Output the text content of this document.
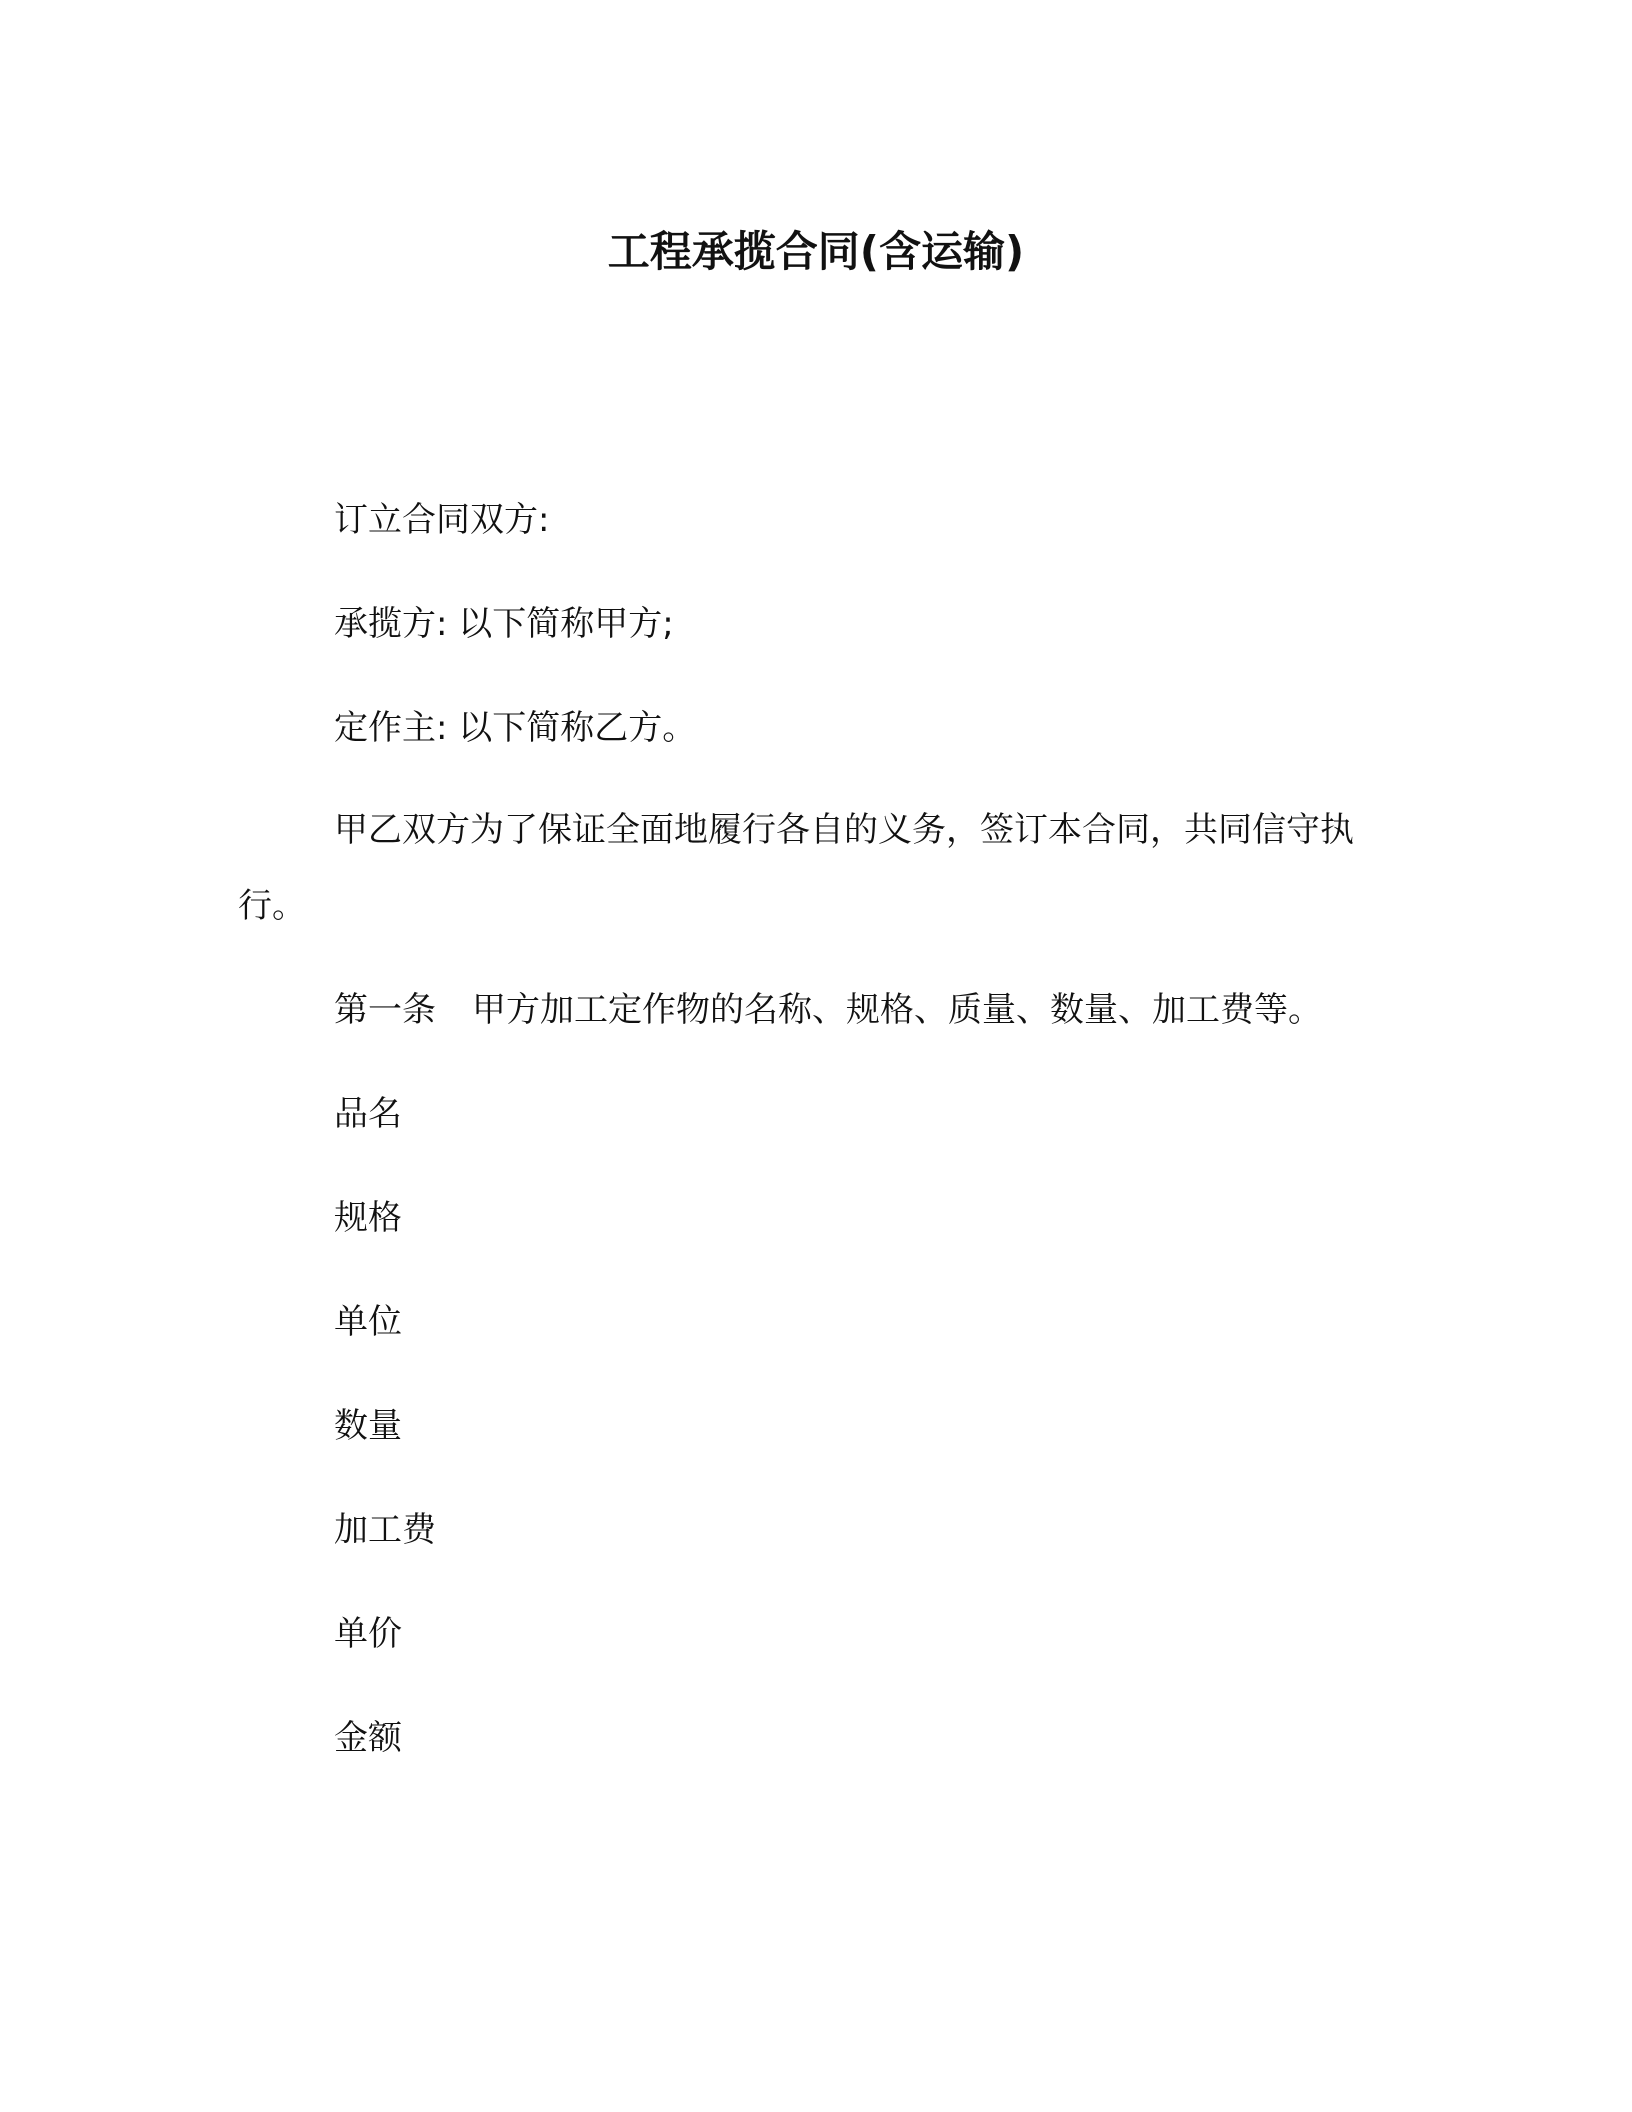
工程承揽合同(含运输)
订立合同双方:
承揽方: 以下简称甲方;
定作主: 以下简称乙方。
甲乙双方为了保证全面地履行各自的义务，签订本合同，共同信守执行。
第一条 甲方加工定作物的名称、规格、质量、数量、加工费等。
品名
规格
单位
数量
加工费
单价
金额
